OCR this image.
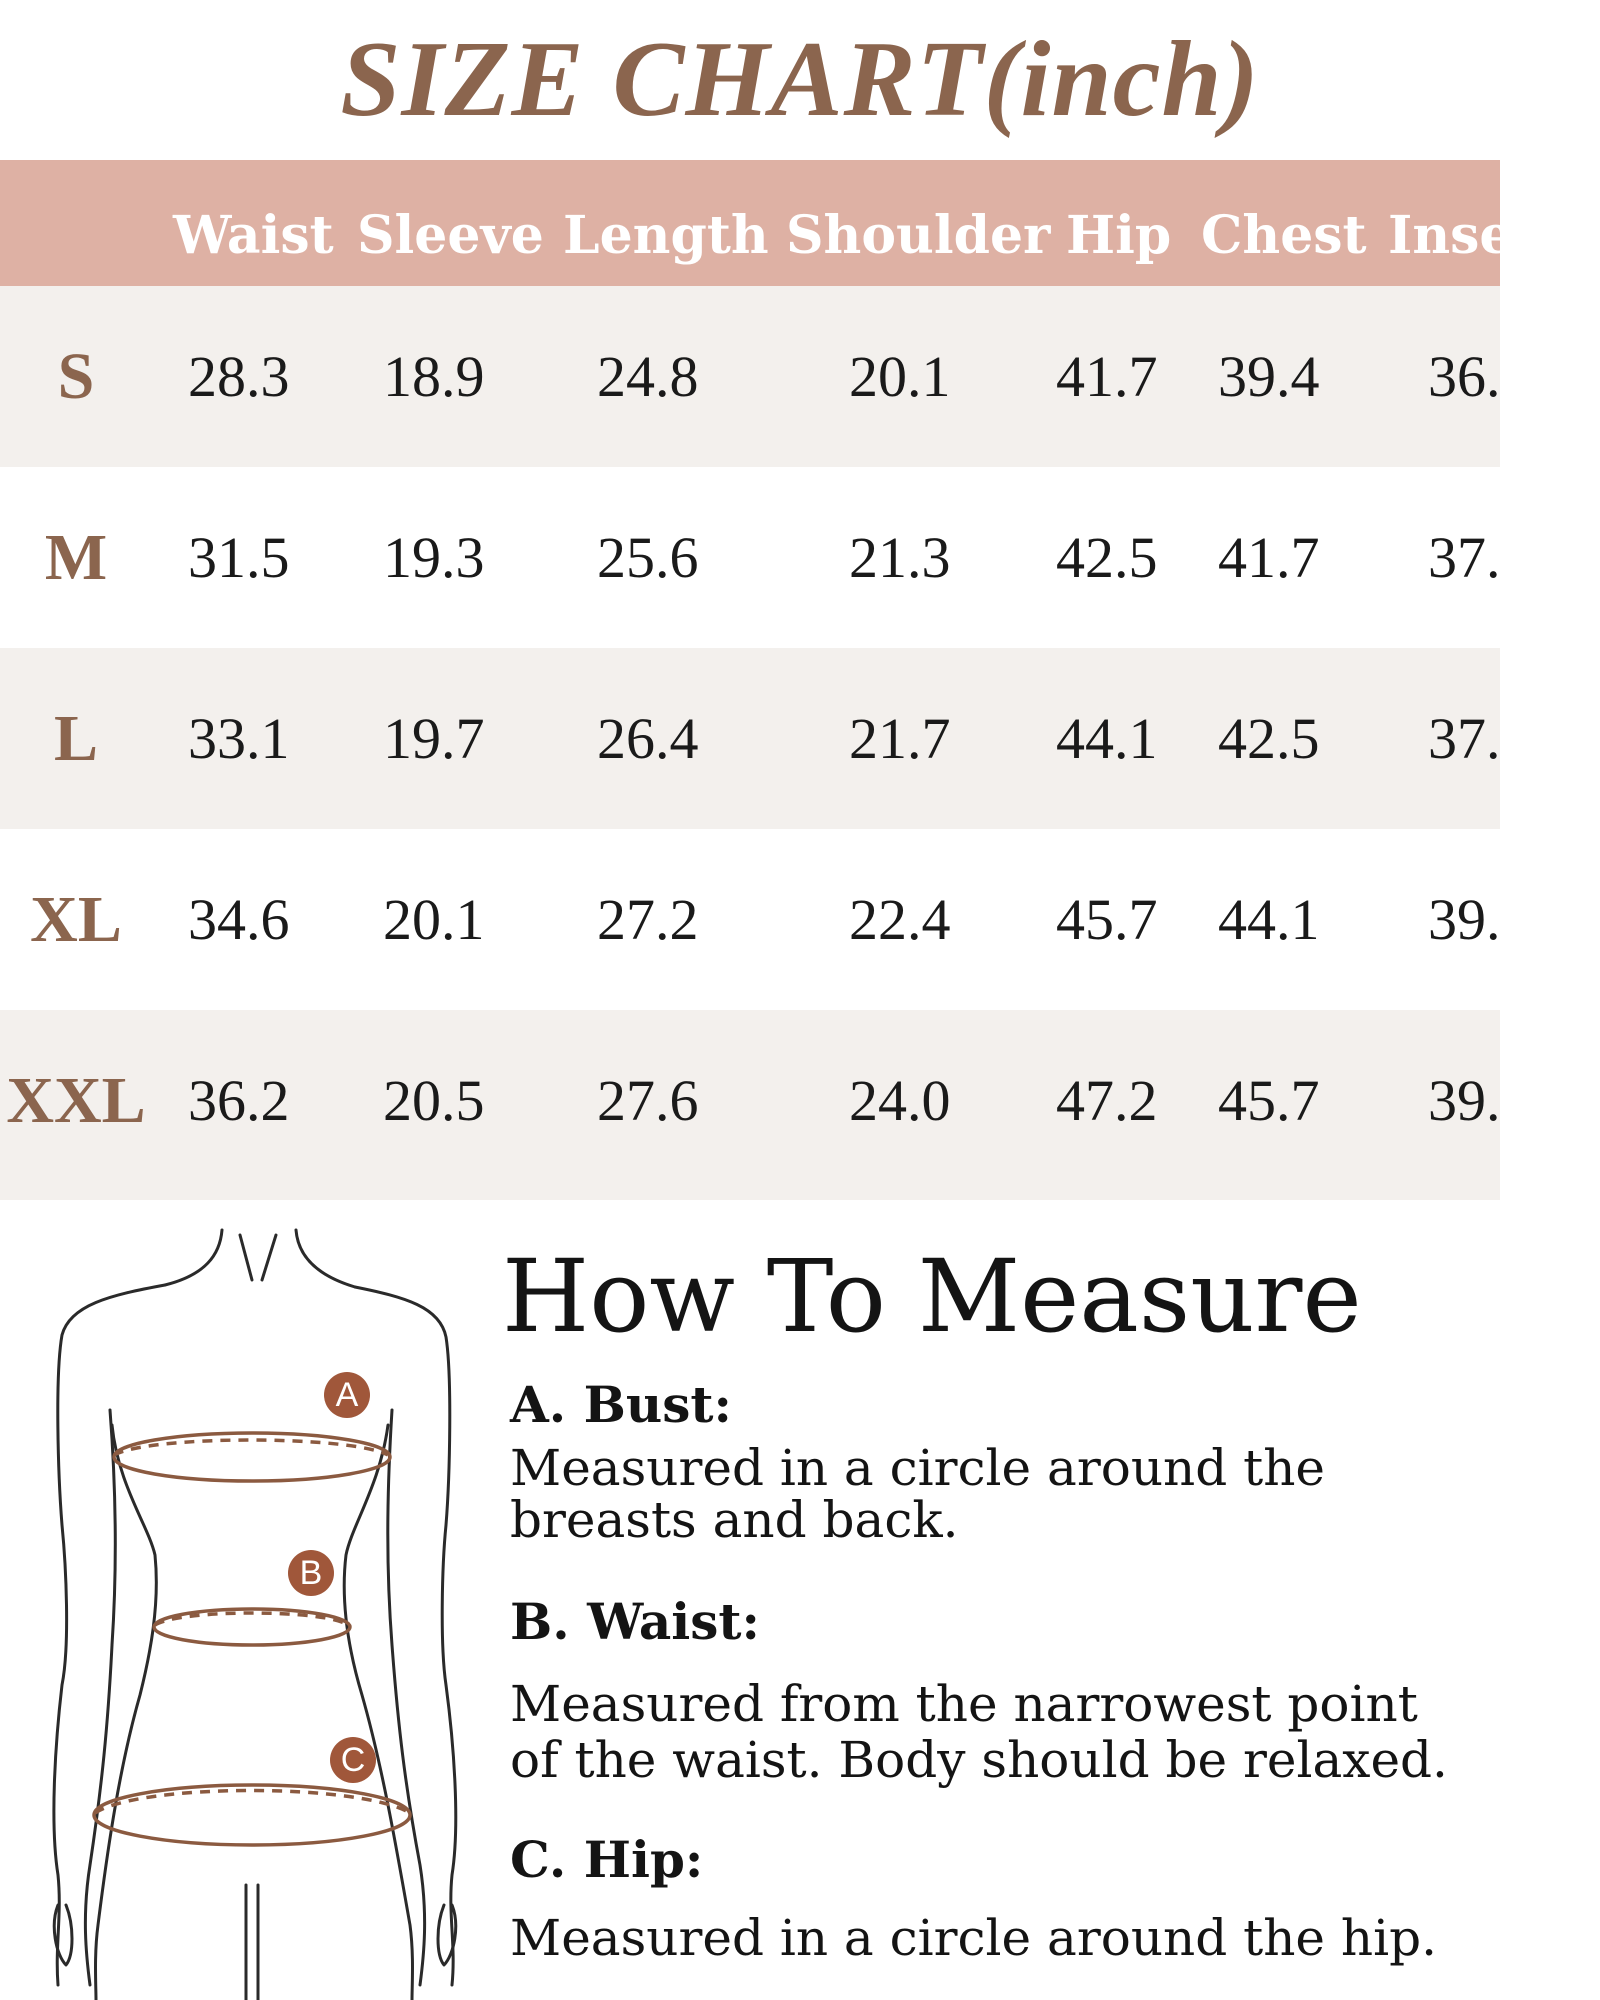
SIZE CHART(inch)
Waist Sleeve Length Shoulder Hip Chest Inse
S	28.3 18.9 24.8	20.1 41.7 39.4 36.
M	31.5 19.3 25.6	21.3 42.5 41.7 37.
L	33.1 19.7 26.4	21.7 44.1 42.5 37.
XL	34.6 20.1 27.2	22.4 45.7 44.1 39.
XXL 36.2 20.5 27.6	24.0 47.2 45.7 39.
A
B
C
How To Measure
A. Bust:
Measured in a circle around the
breasts and back.
B. Waist:
Measured from the narrowest point
of the waist. Body should be relaxed.
C. Hip:
Measured in a circle around the hip.
